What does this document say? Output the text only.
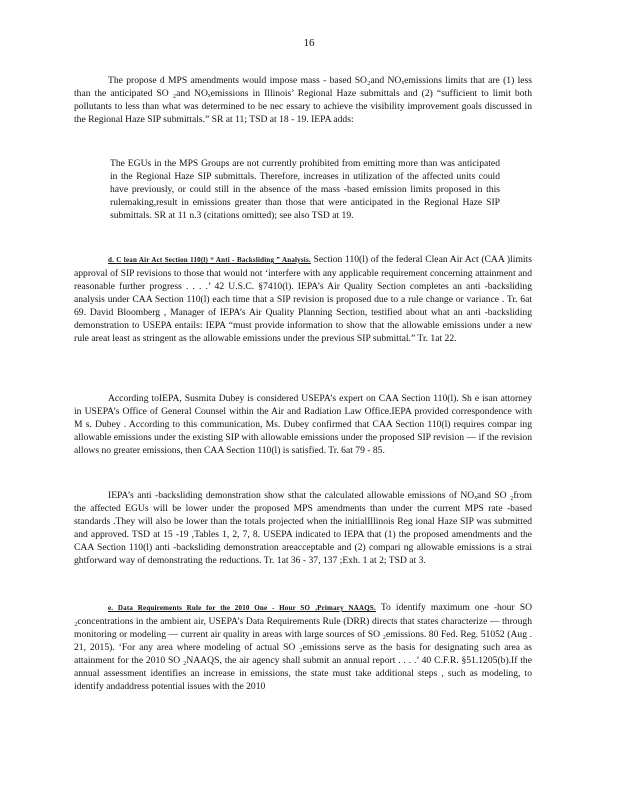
16

The propose d MPS amendments would impose mass - based SO₂and NOₓemissions limits that are (1) less than the anticipated SO ₂and NOₓemissions in Illinois’ Regional Haze submittals and (2) “sufficient to limit both pollutants to less than what was determined to be nec essary to achieve the visibility improvement goals discussed in the Regional Haze SIP submittals.” SR at 11; TSD at 18 - 19. IEPA adds:

The EGUs in the MPS Groups are not currently prohibited from emitting more than was anticipated in the Regional Haze SIP submittals. Therefore, increases in utilization of the affected units could have previously, or could still in the absence of the mass -based emission limits proposed in this rulemaking,result in emissions greater than those that were anticipated in the Regional Haze SIP submittals. SR at 11 n.3 (citations omitted); see also TSD at 19.

d. C lean Air Act Section 110(l) “ Anti - Backsliding ” Analysis. Section 110(l) of the federal Clean Air Act (CAA )limits approval of SIP revisions to those that would not ‘interfere with any applicable requirement concerning attainment and reasonable further progress . . . .’ 42 U.S.C. §7410(l). IEPA’s Air Quality Section completes an anti -backsliding analysis under CAA Section 110(l) each time that a SIP revision is proposed due to a rule change or variance . Tr. 6at 69. David Bloomberg , Manager of IEPA’s Air Quality Planning Section, testified about what an anti -backsliding demonstration to USEPA entails: IEPA “must provide information to show that the allowable emissions under a new rule areat least as stringent as the allowable emissions under the previous SIP submittal.” Tr. 1at 22.

According toIEPA, Susmita Dubey is considered USEPA’s expert on CAA Section 110(l). Sh e isan attorney in USEPA’s Office of General Counsel within the Air and Radiation Law Office.IEPA provided correspondence with M s. Dubey . According to this communication, Ms. Dubey confirmed that CAA Section 110(l) requires compar ing allowable emissions under the existing SIP with allowable emissions under the proposed SIP revision — if the revision allows no greater emissions, then CAA Section 110(l) is satisfied. Tr. 6at 79 - 85.

IEPA’s anti -backsliding demonstration show sthat the calculated allowable emissions of NOₓand SO ₂from the affected EGUs will be lower under the proposed MPS amendments than under the current MPS rate -based standards .They will also be lower than the totals projected when the initialIllinois Reg ional Haze SIP was submitted and approved. TSD at 15 -19 ,Tables 1, 2, 7, 8. USEPA indicated to IEPA that (1) the proposed amendments and the CAA Section 110(l) anti -backsliding demonstration areacceptable and (2) compari ng allowable emissions is a strai ghtforward way of demonstrating the reductions. Tr. 1at 36 - 37, 137 ;Exh. 1 at 2; TSD at 3.

e. Data Requirements Rule for the 2010 One - Hour SO ₂Primary NAAQS. To identify maximum one -hour SO ₂concentrations in the ambient air, USEPA’s Data Requirements Rule (DRR) directs that states characterize — through monitoring or modeling — current air quality in areas with large sources of SO ₂emissions. 80 Fed. Reg. 51052 (Aug . 21, 2015). ‘For any area where modeling of actual SO ₂emissions serve as the basis for designating such area as attainment for the 2010 SO ₂NAAQS, the air agency shall submit an annual report . . . .’ 40 C.F.R. §51.1205(b).If the annual assessment identifies an increase in emissions, the state must take additional steps , such as modeling, to identify andaddress potential issues with the 2010
